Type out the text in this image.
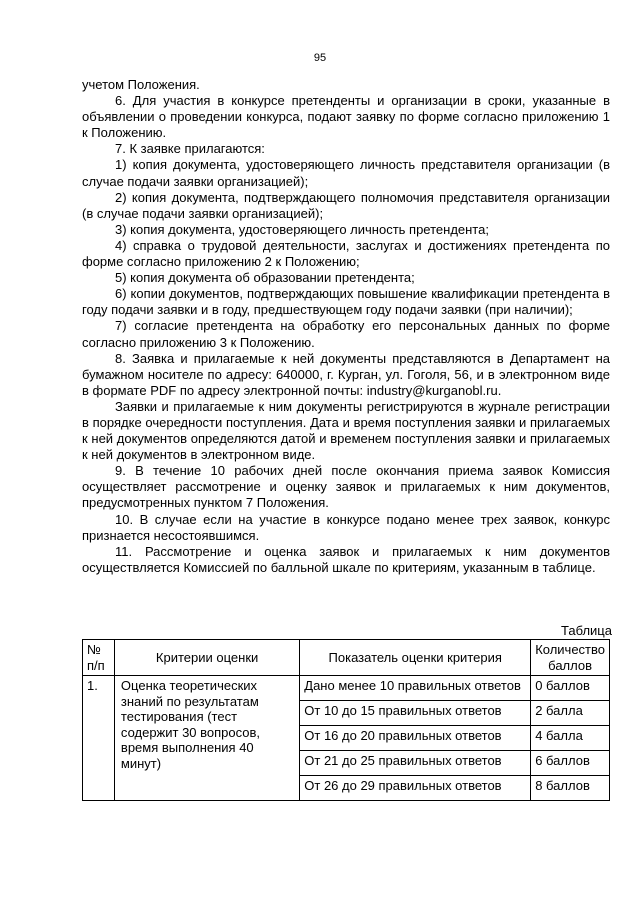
95

учетом Положения.

6. Для участия в конкурсе претенденты и организации в сроки, указанные в объявлении о проведении конкурса, подают заявку по форме согласно приложению 1 к Положению.

7. К заявке прилагаются:

1) копия документа, удостоверяющего личность представителя организации (в случае подачи заявки организацией);

2) копия документа, подтверждающего полномочия представителя организации (в случае подачи заявки организацией);

3) копия документа, удостоверяющего личность претендента;

4) справка о трудовой деятельности, заслугах и достижениях претендента по форме согласно приложению 2 к Положению;

5) копия документа об образовании претендента;

6) копии документов, подтверждающих повышение квалификации претендента в году подачи заявки и в году, предшествующем году подачи заявки (при наличии);

7) согласие претендента на обработку его персональных данных по форме согласно приложению 3 к Положению.

8. Заявка и прилагаемые к ней документы представляются в Департамент на бумажном носителе по адресу: 640000, г. Курган, ул. Гоголя, 56, и в электронном виде в формате PDF по адресу электронной почты: industry@kurganobl.ru.

Заявки и прилагаемые к ним документы регистрируются в журнале регистрации в порядке очередности поступления. Дата и время поступления заявки и прилагаемых к ней документов определяются датой и временем поступления заявки и прилагаемых к ней документов в электронном виде.

9. В течение 10 рабочих дней после окончания приема заявок Комиссия осуществляет рассмотрение и оценку заявок и прилагаемых к ним документов, предусмотренных пунктом 7 Положения.

10. В случае если на участие в конкурсе подано менее трех заявок, конкурс признается несостоявшимся.

11. Рассмотрение и оценка заявок и прилагаемых к ним документов осуществляется Комиссией по балльной шкале по критериям, указанным в таблице.

Таблица
№ п/п	Критерии оценки	Показатель оценки критерия	Количество баллов
1.	Оценка теоретических знаний по результатам тестирования (тест содержит 30 вопросов, время выполнения 40 минут)	Дано менее 10 правильных ответов	0 баллов
		От 10 до 15 правильных ответов	2 балла
		От 16 до 20 правильных ответов	4 балла
		От 21 до 25 правильных ответов	6 баллов
		От 26 до 29 правильных ответов	8 баллов
